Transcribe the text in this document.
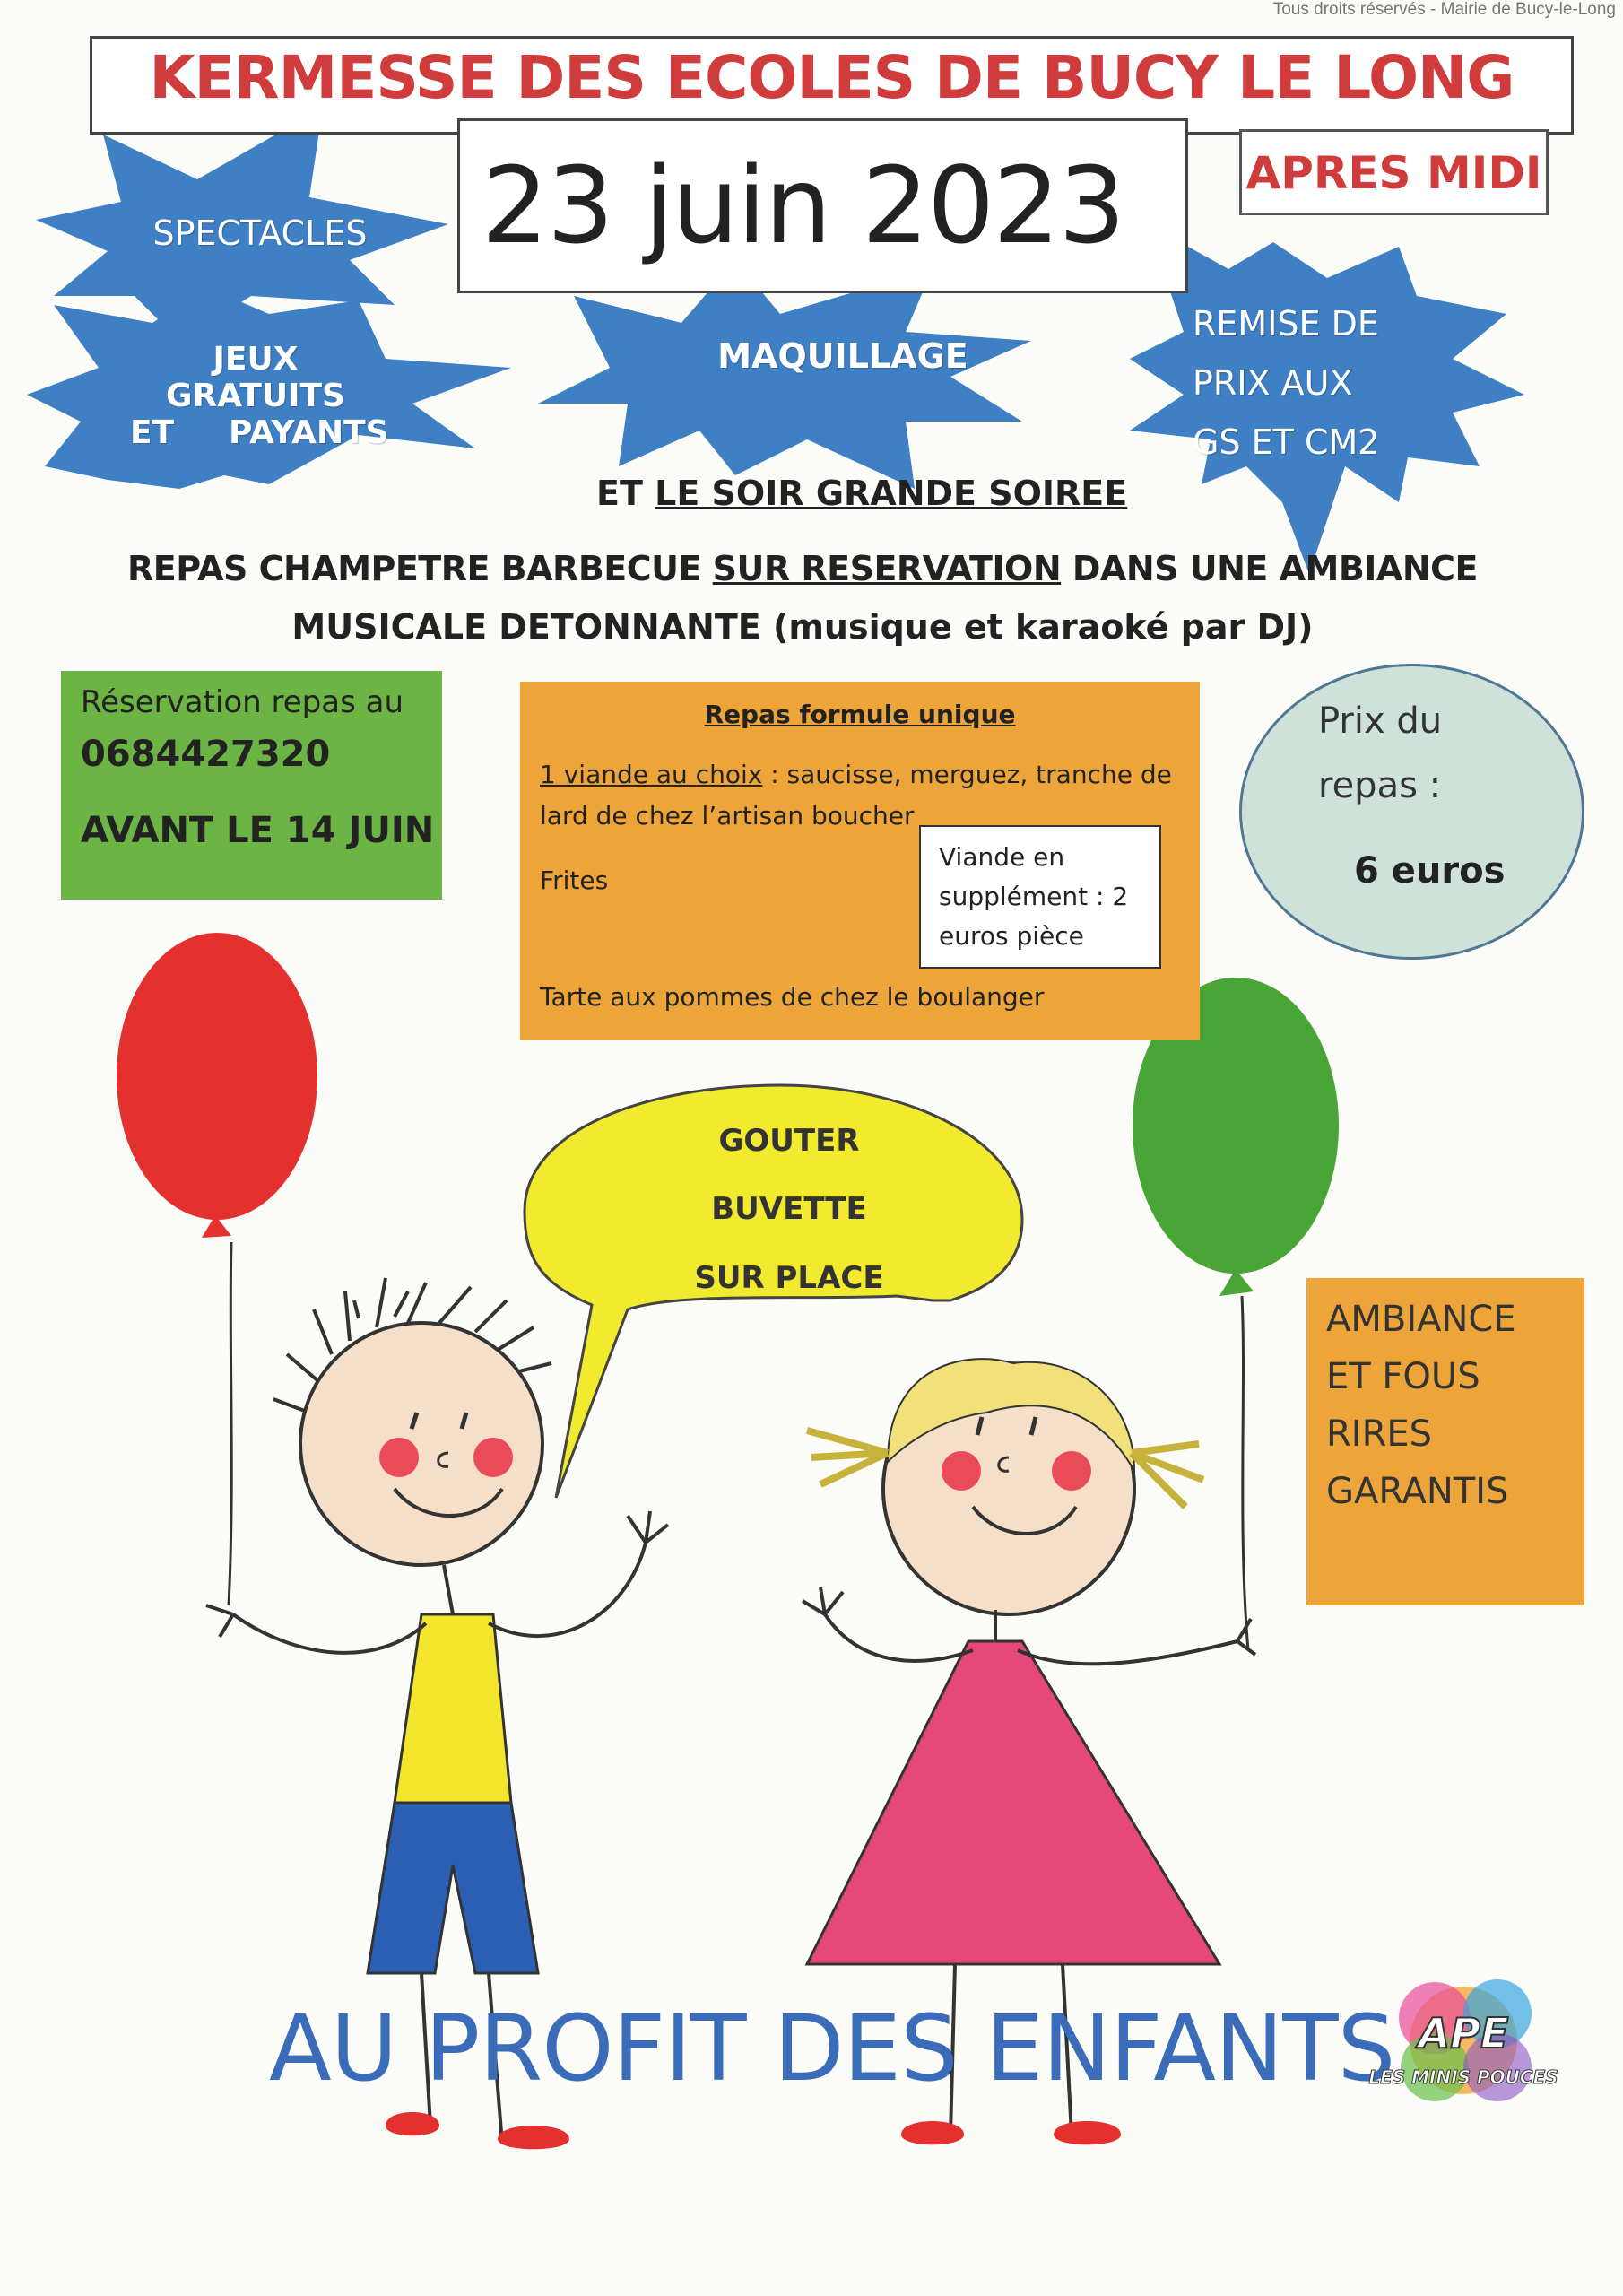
Tous droits réservés - Mairie de Bucy-le-Long
KERMESSE DES ECOLES DE BUCY LE LONG
23 juin 2023	APRES MIDI
SPECTACLES
JEUX GRATUITS
ET PAYANTS
MAQUILLAGE
REMISE DE
PRIX AUX
GS ET CM2
ET LE SOIR GRANDE SOIREE
REPAS CHAMPETRE BARBECUE SUR RESERVATION DANS UNE AMBIANCE
MUSICALE DETONNANTE (musique et karaoké par DJ)
Réservation repas au
0684427320
AVANT LE 14 JUIN
Repas formule unique
1 viande au choix : saucisse, merguez, tranche de
lard de chez l’artisan boucher
Frites
Tarte aux pommes de chez le boulanger
Viande en
supplément : 2
euros pièce
Prix du
repas :
6 euros
GOUTER
BUVETTE
SUR PLACE
AMBIANCE
ET FOUS
RIRES
GARANTIS
AU PROFIT DES ENFANTS APE
LES MINIS POUCES
